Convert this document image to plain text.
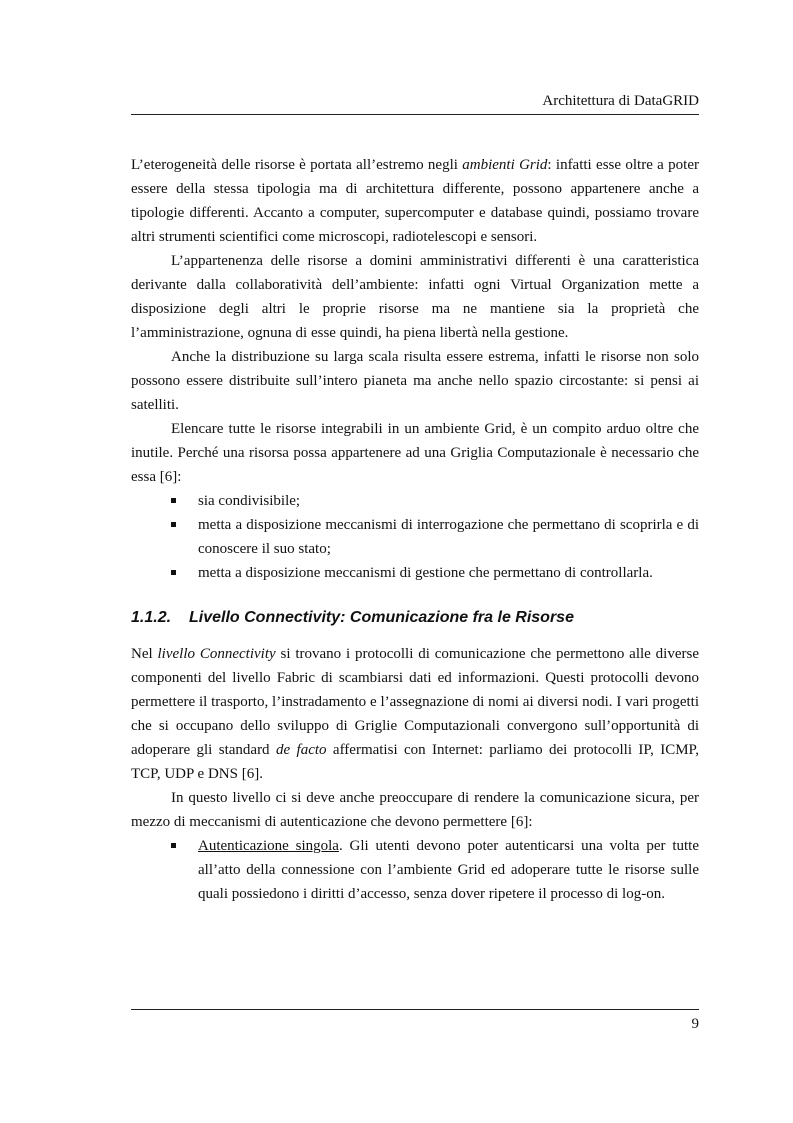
Architettura di DataGRID

L’eterogeneità delle risorse è portata all’estremo negli ambienti Grid: infatti esse oltre a poter essere della stessa tipologia ma di architettura differente, possono appartenere anche a tipologie differenti. Accanto a computer, supercomputer e database quindi, possiamo trovare altri strumenti scientifici come microscopi, radiotelescopi e sensori.

L’appartenenza delle risorse a domini amministrativi differenti è una caratteristica derivante dalla collaboratività dell’ambiente: infatti ogni Virtual Organization mette a disposizione degli altri le proprie risorse ma ne mantiene sia la proprietà che l’amministrazione, ognuna di esse quindi, ha piena libertà nella gestione.

Anche la distribuzione su larga scala risulta essere estrema, infatti le risorse non solo possono essere distribuite sull’intero pianeta ma anche nello spazio circostante: si pensi ai satelliti.

Elencare tutte le risorse integrabili in un ambiente Grid, è un compito arduo oltre che inutile. Perché una risorsa possa appartenere ad una Griglia Computazionale è necessario che essa [6]:

sia condivisibile;
metta a disposizione meccanismi di interrogazione che permettano di scoprirla e di conoscere il suo stato;
metta a disposizione meccanismi di gestione che permettano di controllarla.
1.1.2. Livello Connectivity: Comunicazione fra le Risorse

Nel livello Connectivity si trovano i protocolli di comunicazione che permettono alle diverse componenti del livello Fabric di scambiarsi dati ed informazioni. Questi protocolli devono permettere il trasporto, l’instradamento e l’assegnazione di nomi ai diversi nodi. I vari progetti che si occupano dello sviluppo di Griglie Computazionali convergono sull’opportunità di adoperare gli standard de facto affermatisi con Internet: parliamo dei protocolli IP, ICMP, TCP, UDP e DNS [6].

In questo livello ci si deve anche preoccupare di rendere la comunicazione sicura, per mezzo di meccanismi di autenticazione che devono permettere [6]:

Autenticazione singola. Gli utenti devono poter autenticarsi una volta per tutte all’atto della connessione con l’ambiente Grid ed adoperare tutte le risorse sulle quali possiedono i diritti d’accesso, senza dover ripetere il processo di log-on.
9
